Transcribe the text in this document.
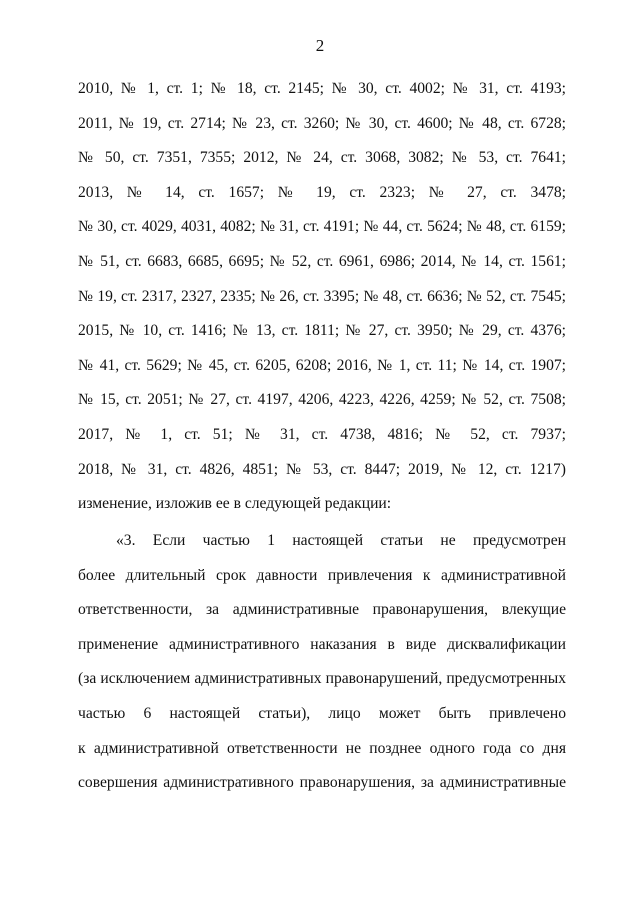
2
2010, № 1, ст. 1; № 18, ст. 2145; № 30, ст. 4002; № 31, ст. 4193;
2011, № 19, ст. 2714; № 23, ст. 3260; № 30, ст. 4600; № 48, ст. 6728;
№ 50, ст. 7351, 7355; 2012, № 24, ст. 3068, 3082; № 53, ст. 7641;
2013, № 14, ст. 1657; № 19, ст. 2323; № 27, ст. 3478;
№ 30, ст. 4029, 4031, 4082; № 31, ст. 4191; № 44, ст. 5624; № 48, ст. 6159;
№ 51, ст. 6683, 6685, 6695; № 52, ст. 6961, 6986; 2014, № 14, ст. 1561;
№ 19, ст. 2317, 2327, 2335; № 26, ст. 3395; № 48, ст. 6636; № 52, ст. 7545;
2015, № 10, ст. 1416; № 13, ст. 1811; № 27, ст. 3950; № 29, ст. 4376;
№ 41, ст. 5629; № 45, ст. 6205, 6208; 2016, № 1, ст. 11; № 14, ст. 1907;
№ 15, ст. 2051; № 27, ст. 4197, 4206, 4223, 4226, 4259; № 52, ст. 7508;
2017, № 1, ст. 51; № 31, ст. 4738, 4816; № 52, ст. 7937;
2018, № 31, ст. 4826, 4851; № 53, ст. 8447; 2019, № 12, ст. 1217)
изменение, изложив ее в следующей редакции:
«3. Если частью 1 настоящей статьи не предусмотрен
более длительный срок давности привлечения к административной
ответственности, за административные правонарушения, влекущие
применение административного наказания в виде дисквалификации
(за исключением административных правонарушений, предусмотренных
частью 6 настоящей статьи), лицо может быть привлечено
к административной ответственности не позднее одного года со дня
совершения административного правонарушения, за административные
